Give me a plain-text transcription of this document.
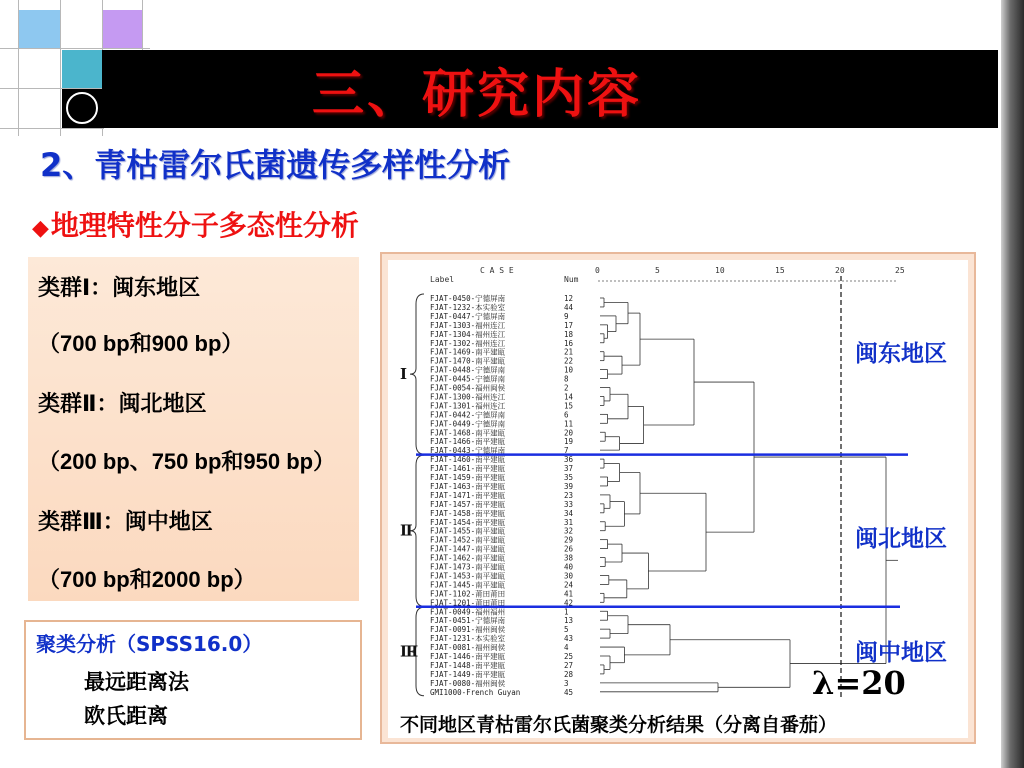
三、研究内容
2、青枯雷尔氏菌遗传多样性分析
◆地理特性分子多态性分析
类群Ⅰ：闽东地区
（700 bp和900 bp）
类群Ⅱ：闽北地区
（200 bp、750 bp和950 bp）
类群Ⅲ：闽中地区
（700 bp和2000 bp）
聚类分析（SPSS16.0）
最远距离法
欧氏距离
C A S E
Label	Num
0	5	10	15	20	25
FJAT-0450-宁德屏南	12
FJAT-1232-本实验室	44
FJAT-0447-宁德屏南	9
FJAT-1303-福州连江	17
FJAT-1304-福州连江	18
FJAT-1302-福州连江	16
FJAT-1469-南平建瓯	21
FJAT-1470-南平建瓯	22
FJAT-0448-宁德屏南	10
FJAT-0445-宁德屏南	8
FJAT-0054-福州闽侯	2
FJAT-1300-福州连江	14
FJAT-1301-福州连江	15
FJAT-0442-宁德屏南	6
FJAT-0449-宁德屏南	11
FJAT-1468-南平建瓯	20
FJAT-1466-南平建瓯	19
FJAT-0443-宁德屏南	7
FJAT-1460-南平建瓯	36
FJAT-1461-南平建瓯	37
FJAT-1459-南平建瓯	35
FJAT-1463-南平建瓯	39
FJAT-1471-南平建瓯	23
FJAT-1457-南平建瓯	33
FJAT-1458-南平建瓯	34
FJAT-1454-南平建瓯	31
FJAT-1455-南平建瓯	32
FJAT-1452-南平建瓯	29
FJAT-1447-南平建瓯	26
FJAT-1462-南平建瓯	38
FJAT-1473-南平建瓯	40
FJAT-1453-南平建瓯	30
FJAT-1445-南平建瓯	24
FJAT-1102-莆田莆田	41
FJAT-1201-莆田莆田	42
FJAT-0049-福州福州	1
FJAT-0451-宁德屏南	13
FJAT-0091-福州闽侯	5
FJAT-1231-本实验室	43
FJAT-0081-福州闽侯	4
FJAT-1446-南平建瓯	25
FJAT-1448-南平建瓯	27
FJAT-1449-南平建瓯	28
FJAT-0080-福州闽侯	3
GMI1000-French Guyan	45
Ⅰ
Ⅱ
Ⅲ
闽东地区
闽北地区
闽中地区
λ=20
不同地区青枯雷尔氏菌聚类分析结果（分离自番茄）
